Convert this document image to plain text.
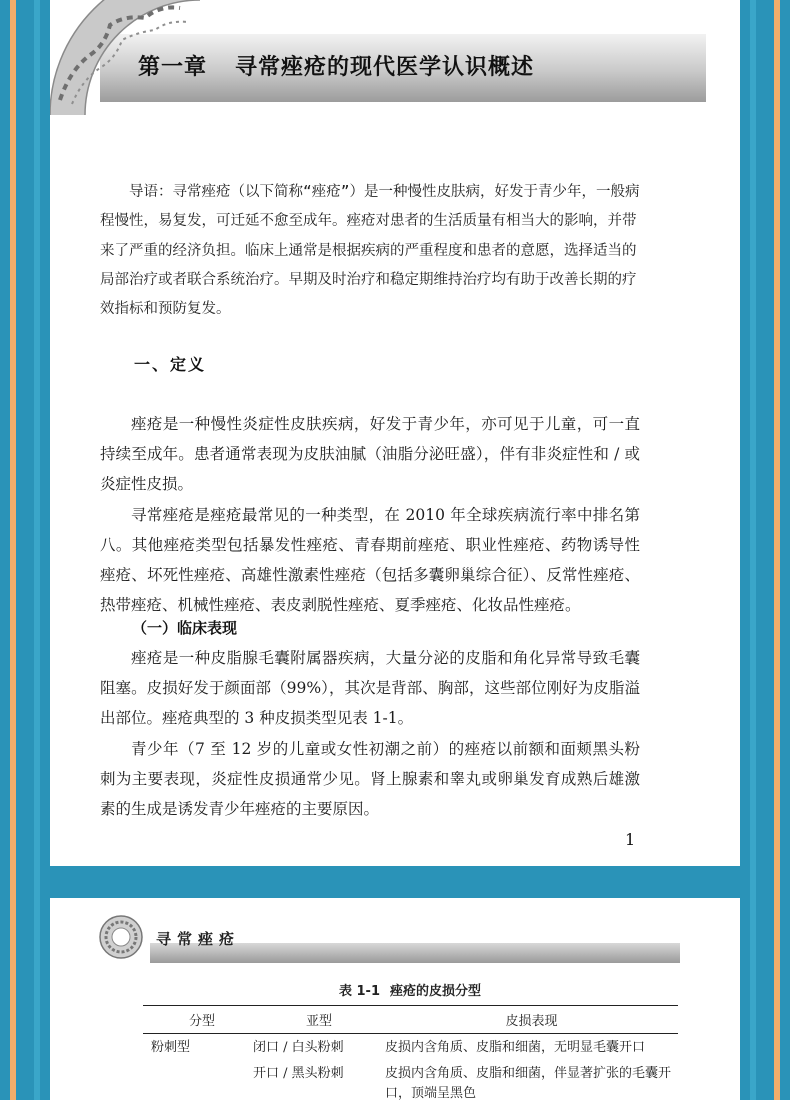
第一章 寻常痤疮的现代医学认识概述

导语：寻常痤疮（以下简称“痤疮”）是一种慢性皮肤病，好发于青少年，一般病程慢性，易复发，可迁延不愈至成年。痤疮对患者的生活质量有相当大的影响，并带来了严重的经济负担。临床上通常是根据疾病的严重程度和患者的意愿，选择适当的局部治疗或者联合系统治疗。早期及时治疗和稳定期维持治疗均有助于改善长期的疗效指标和预防复发。

一、定义

痤疮是一种慢性炎症性皮肤疾病，好发于青少年，亦可见于儿童，可一直持续至成年。患者通常表现为皮肤油腻（油脂分泌旺盛），伴有非炎症性和 / 或炎症性皮损。

寻常痤疮是痤疮最常见的一种类型，在 2010 年全球疾病流行率中排名第八。其他痤疮类型包括暴发性痤疮、青春期前痤疮、职业性痤疮、药物诱导性痤疮、坏死性痤疮、高雄性激素性痤疮（包括多囊卵巢综合征）、反常性痤疮、热带痤疮、机械性痤疮、表皮剥脱性痤疮、夏季痤疮、化妆品性痤疮。

（一）临床表现

痤疮是一种皮脂腺毛囊附属器疾病，大量分泌的皮脂和角化异常导致毛囊阻塞。皮损好发于颜面部（99%），其次是背部、胸部，这些部位刚好为皮脂溢出部位。痤疮典型的 3 种皮损类型见表 1-1。

青少年（7 至 12 岁的儿童或女性初潮之前）的痤疮以前额和面颊黑头粉刺为主要表现，炎症性皮损通常少见。肾上腺素和睾丸或卵巢发育成熟后雄激素的生成是诱发青少年痤疮的主要原因。

1
寻常痤疮
表 1-1 痤疮的皮损分型
分型	亚型	皮损表现
粉刺型	闭口 / 白头粉刺	皮损内含角质、皮脂和细菌，无明显毛囊开口
	开口 / 黑头粉刺	皮损内含角质、皮脂和细菌，伴显著扩张的毛囊开口，顶端呈黑色
